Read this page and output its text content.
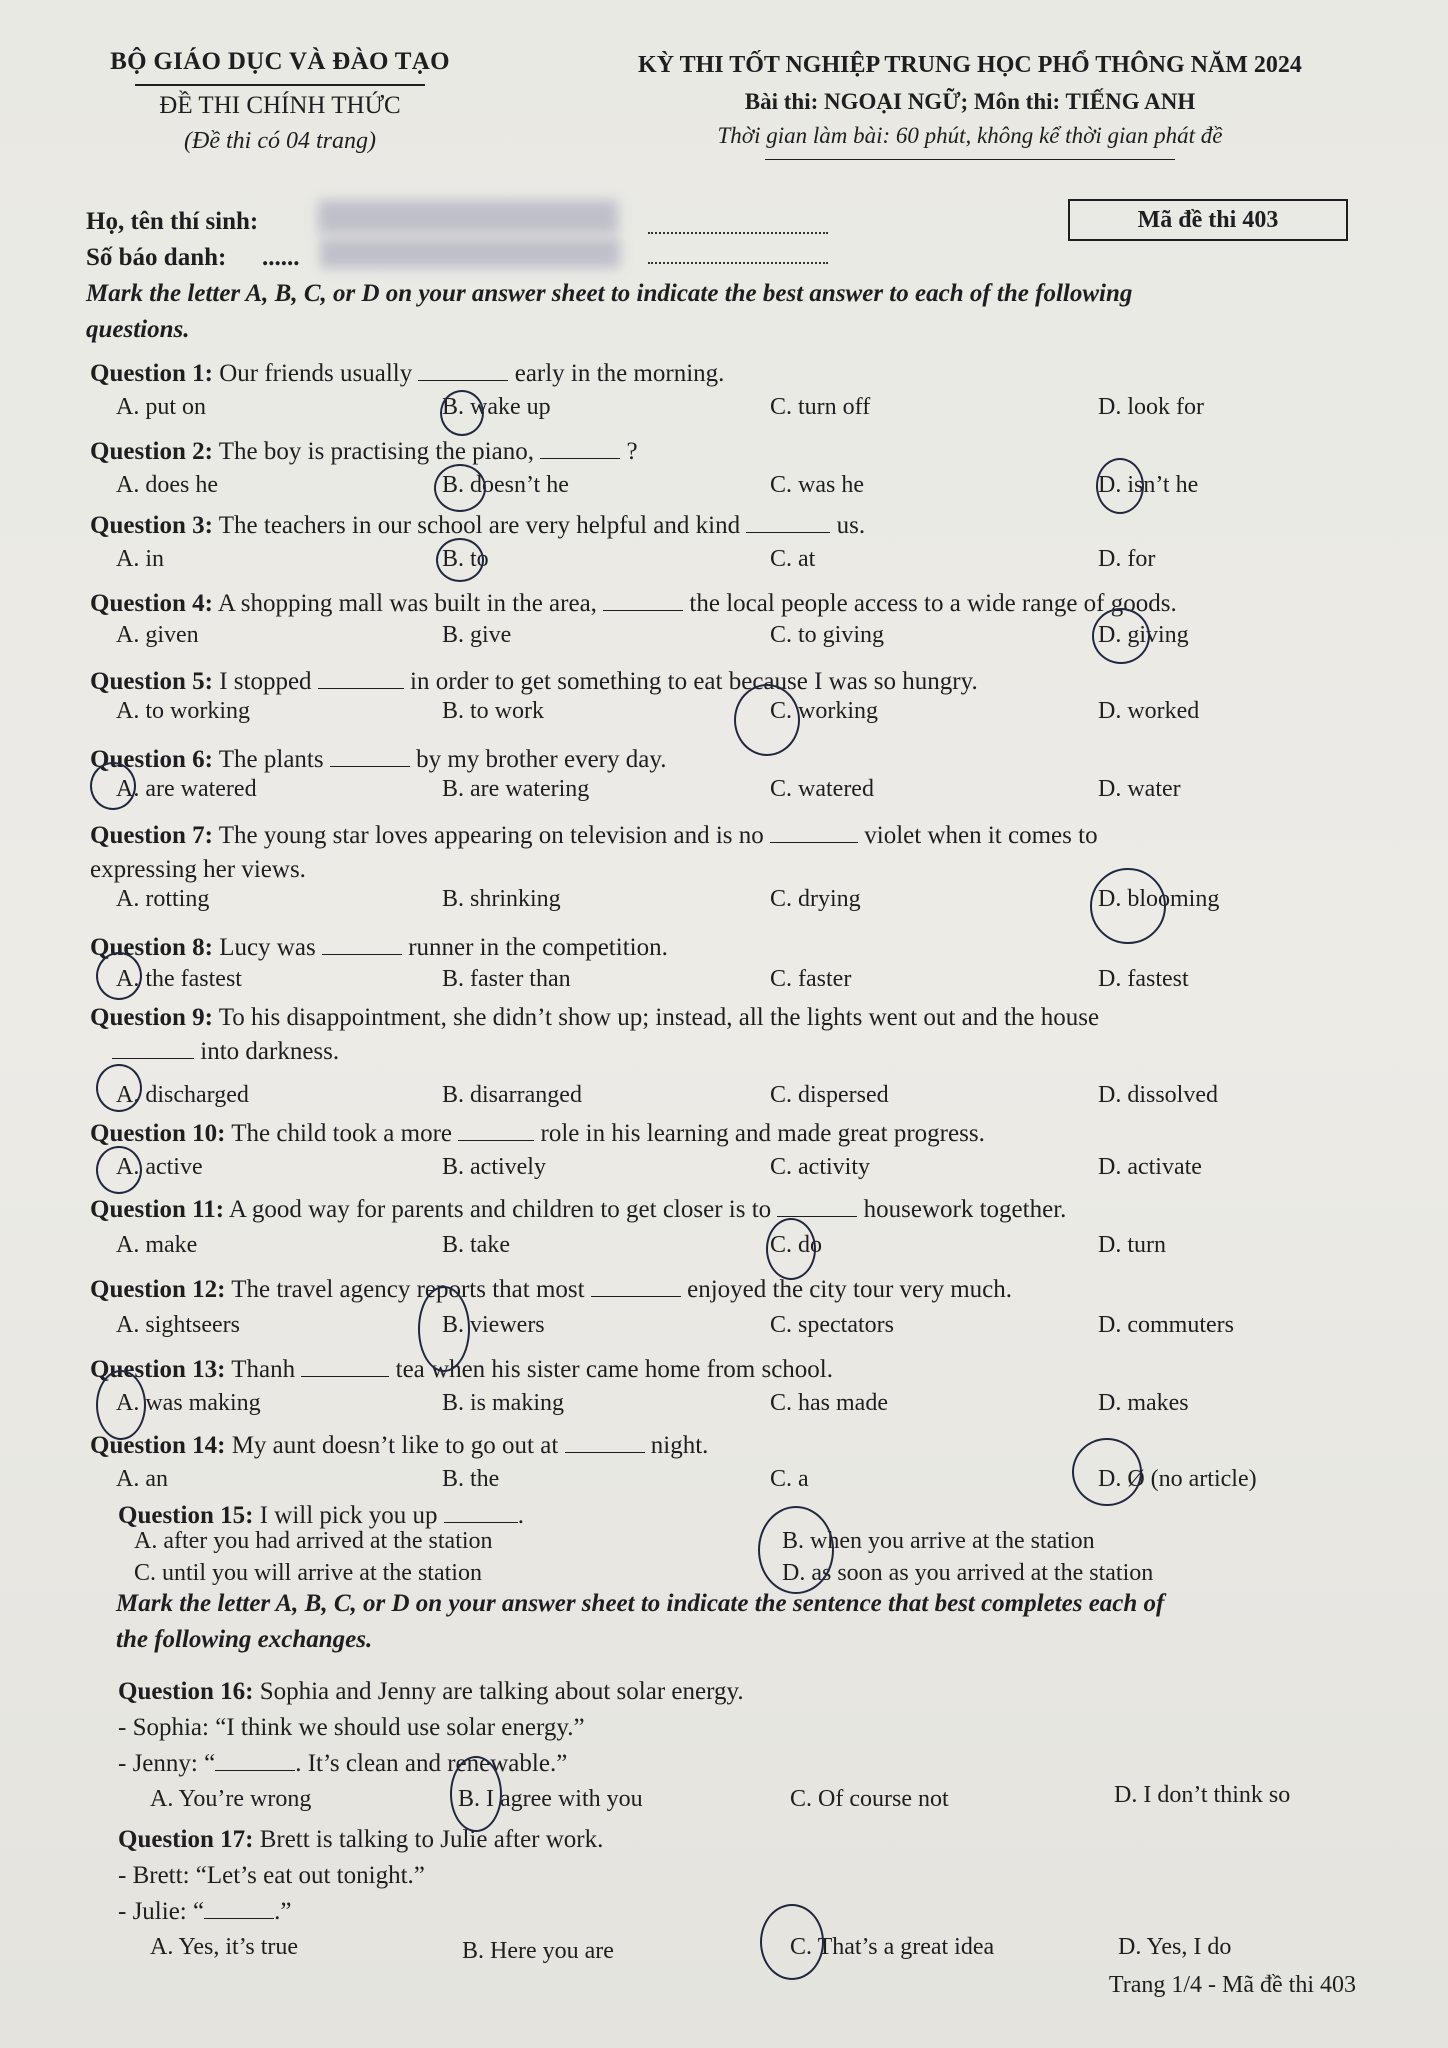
BỘ GIÁO DỤC VÀ ĐÀO TẠO
ĐỀ THI CHÍNH THỨC
(Đề thi có 04 trang)
KỲ THI TỐT NGHIỆP TRUNG HỌC PHỔ THÔNG NĂM 2024
Bài thi: NGOẠI NGỮ; Môn thi: TIẾNG ANH
Thời gian làm bài: 60 phút, không kể thời gian phát đề
Họ, tên thí sinh:
Số báo danh: ......
Mã đề thi 403
Mark the letter A, B, C, or D on your answer sheet to indicate the best answer to each of the following
questions.
Question 1: Our friends usually	early in the morning.
A. put on	B. wake up	C. turn off	D. look for
Question 2: The boy is practising the piano,	?
A. does he	B. doesn’t he	C. was he	D. isn’t he
Question 3: The teachers in our school are very helpful and kind	us.
A. in	B. to	C. at	D. for
Question 4: A shopping mall was built in the area,	the local people access to a wide range of goods.
A. given	B. give	C. to giving	D. giving
Question 5: I stopped	in order to get something to eat because I was so hungry.
A. to working	B. to work	C. working	D. worked
Question 6: The plants	by my brother every day.
A. are watered	B. are watering	C. watered	D. water
Question 7: The young star loves appearing on television and is no	violet when it comes to
expressing her views.
A. rotting	B. shrinking	C. drying	D. blooming
Question 8: Lucy was	runner in the competition.
A. the fastest	B. faster than	C. faster	D. fastest
Question 9: To his disappointment, she didn’t show up; instead, all the lights went out and the house
into darkness.
A. discharged	B. disarranged	C. dispersed	D. dissolved
Question 10: The child took a more	role in his learning and made great progress.
A. active	B. actively	C. activity	D. activate
Question 11: A good way for parents and children to get closer is to	housework together.
A. make	B. take	C. do	D. turn
Question 12: The travel agency reports that most	enjoyed the city tour very much.
A. sightseers	B. viewers	C. spectators	D. commuters
Question 13: Thanh	tea when his sister came home from school.
A. was making	B. is making	C. has made	D. makes
Question 14: My aunt doesn’t like to go out at	night.
A. an	B. the	C. a	D. Ø (no article)
Question 15: I will pick you up	.
A. after you had arrived at the station	B. when you arrive at the station
C. until you will arrive at the station	D. as soon as you arrived at the station
Mark the letter A, B, C, or D on your answer sheet to indicate the sentence that best completes each of
the following exchanges.
Question 16: Sophia and Jenny are talking about solar energy.
- Sophia: “I think we should use solar energy.”
- Jenny: “	. It’s clean and renewable.”
A. You’re wrong	B. I agree with you	C. Of course not	D. I don’t think so
Question 17: Brett is talking to Julie after work.
- Brett: “Let’s eat out tonight.”
- Julie: “	.”
A. Yes, it’s true	B. Here you are	C. That’s a great idea	D. Yes, I do
Trang 1/4 - Mã đề thi 403
